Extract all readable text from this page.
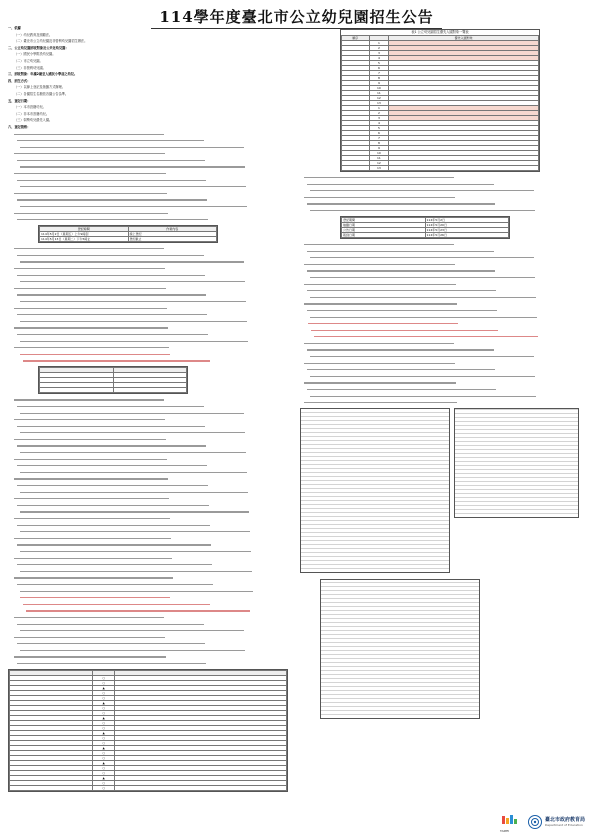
114學年度臺北市公立幼兒園招生公告
一、依據
（一）幼兒教育及照顧法。
（二）臺北市公立幼兒園及非營利幼兒園招生辦法。
二、公立幼兒園招收對象及公共化幼兒園：
（一）國民小學附設幼兒園。
（二）市立幼兒園。
（三）非營利幼兒園。
三、招收對象：年滿2歲至入國民小學前之幼兒。
四、招生方式：
（一）以線上登記及抽籤方式辦理。
（二）各園招生名額依各園公告為準。
五、登記日期：
（一）本市設籍幼兒。
（二）非本市設籍幼兒。
（三）弱勢幼兒優先入園。
六、登記資格：
登記時間	作業內容
114年5月2日（星期五）上午9時起	線上登記
114年5月13日（星期二）下午5時止	登記截止

	○	
	○	
	▲	
	○	
	○	
	▲	
	○	
	○	
	▲	
	○	
	○	
	▲	
	○	
	○	
	▲	
	○	
	○	
	▲	
	○	
	○	
	▲	
	○	
	○	
表1 公立幼兒園招生優先入園對象一覽表
順序		優先入園對象
	1	
	2	
	3	
	4	
	5	
	6	
	7	
	8	
	9	
	10	
	11	
	12	
	13	
	1	
	2	
	3	
	4	
	5	
	6	
	7	
	8	
	9	
	10	
	11	
	12	
	13	
登記期間	114年5月2日
抽籤日期	114年5月20日
公告日期	114年5月23日
報到日期	114年5月26日
TAIPEI
臺北市政府教育局
Department of Education
